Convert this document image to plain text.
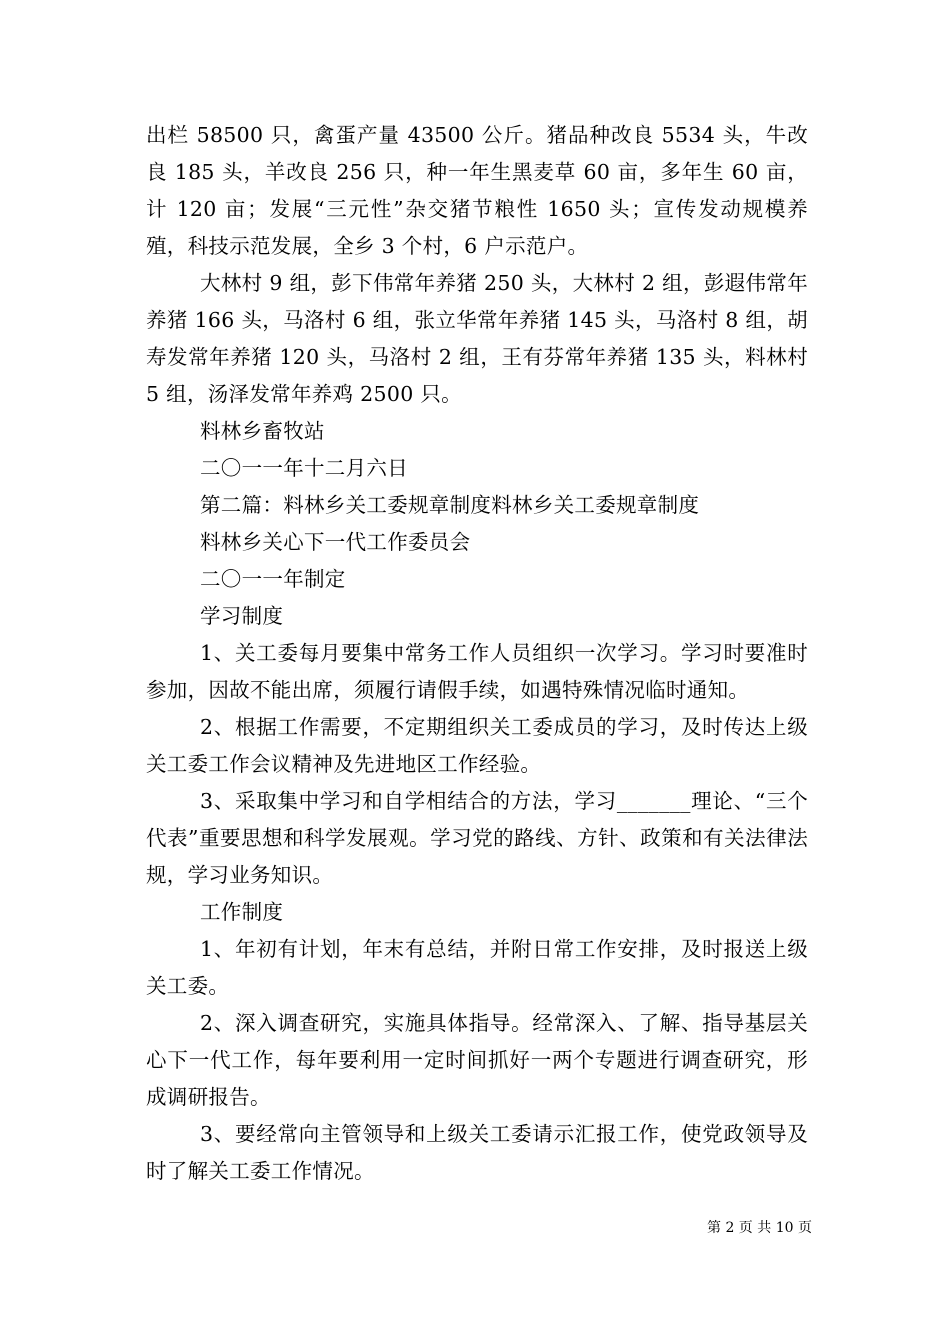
出栏 58500 只，禽蛋产量 43500 公斤。猪品种改良 5534 头，牛改良 185 头，羊改良 256 只，种一年生黑麦草 60 亩，多年生 60 亩，计 120 亩；发展“三元性”杂交猪节粮性 1650 头；宣传发动规模养殖，科技示范发展，全乡 3 个村，6 户示范户。

大林村 9 组，彭下伟常年养猪 250 头，大林村 2 组，彭遐伟常年养猪 166 头，马洛村 6 组，张立华常年养猪 145 头，马洛村 8 组，胡寿发常年养猪 120 头，马洛村 2 组，王有芬常年养猪 135 头，料林村 5 组，汤泽发常年养鸡 2500 只。

料林乡畜牧站

二〇一一年十二月六日

第二篇：料林乡关工委规章制度料林乡关工委规章制度

料林乡关心下一代工作委员会

二〇一一年制定

学习制度

1、关工委每月要集中常务工作人员组织一次学习。学习时要准时参加，因故不能出席，须履行请假手续，如遇特殊情况临时通知。

2、根据工作需要，不定期组织关工委成员的学习，及时传达上级关工委工作会议精神及先进地区工作经验。

3、采取集中学习和自学相结合的方法，学习_______理论、“三个代表”重要思想和科学发展观。学习党的路线、方针、政策和有关法律法规，学习业务知识。

工作制度

1、年初有计划，年末有总结，并附日常工作安排，及时报送上级关工委。

2、深入调查研究，实施具体指导。经常深入、了解、指导基层关心下一代工作，每年要利用一定时间抓好一两个专题进行调查研究，形成调研报告。

3、要经常向主管领导和上级关工委请示汇报工作，使党政领导及时了解关工委工作情况。

第 2 页 共 10 页
